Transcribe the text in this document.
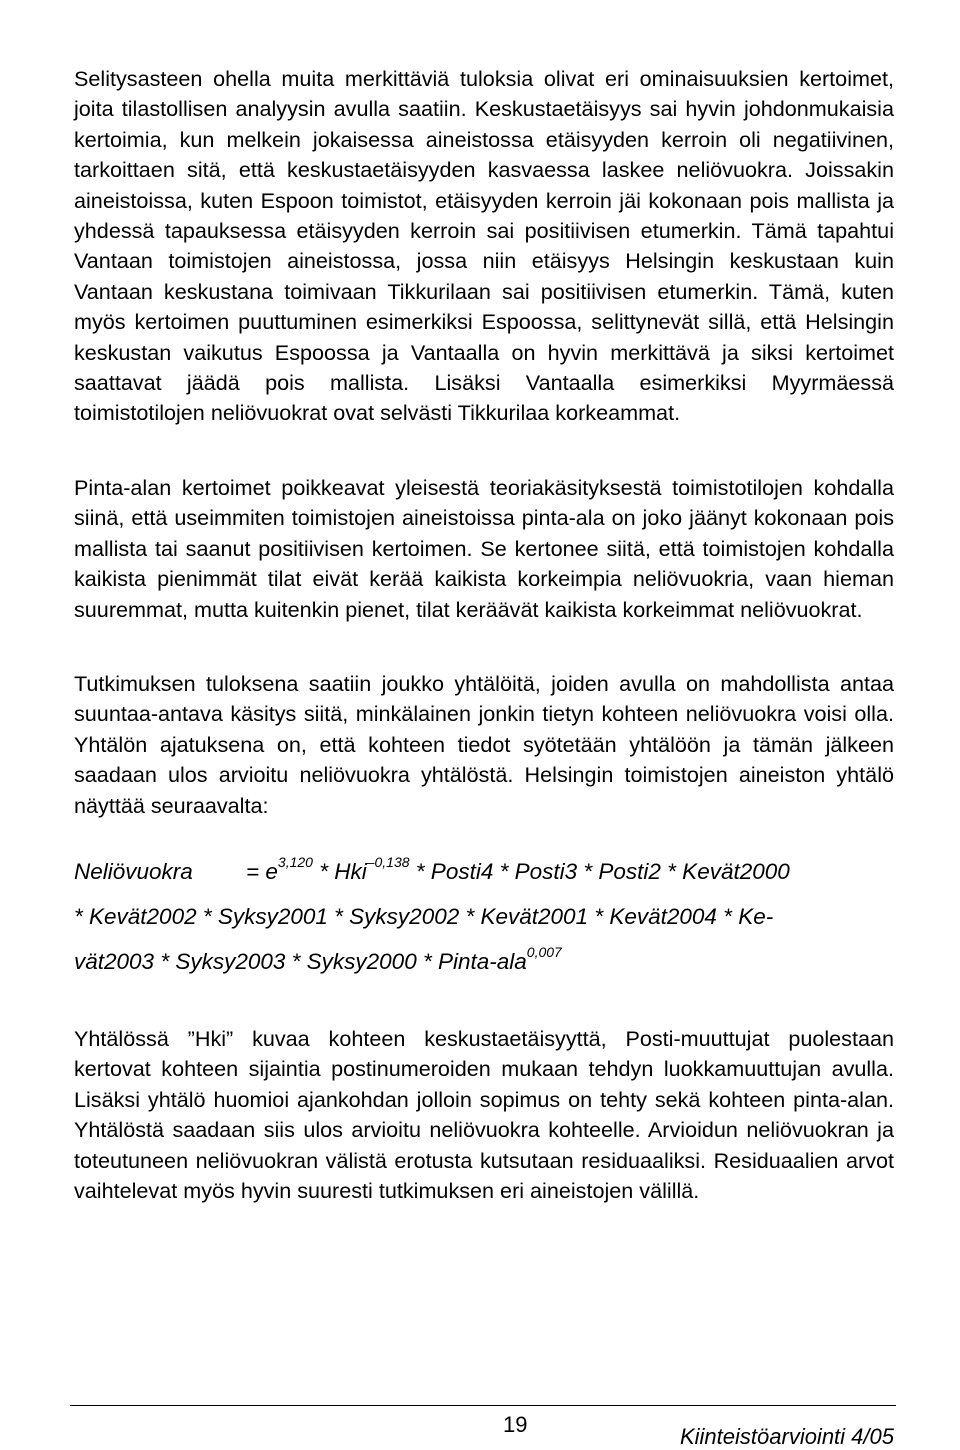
Selitysasteen ohella muita merkittäviä tuloksia olivat eri ominaisuuksien kertoimet, joita tilastollisen analyysin avulla saatiin. Keskustaetäisyys sai hyvin johdonmukaisia kertoimia, kun melkein jokaisessa aineistossa etäisyyden kerroin oli negatiivinen, tarkoittaen sitä, että keskustaetäisyyden kasvaessa laskee neliövuokra. Joissakin aineistoissa, kuten Espoon toimistot, etäisyyden kerroin jäi kokonaan pois mallista ja yhdessä tapauksessa etäisyyden kerroin sai positiivisen etumerkin. Tämä tapahtui Vantaan toimistojen aineistossa, jossa niin etäisyys Helsingin keskustaan kuin Vantaan keskustana toimivaan Tikkurilaan sai positiivisen etumerkin. Tämä, kuten myös kertoimen puuttuminen esimerkiksi Espoossa, selittynevät sillä, että Helsingin keskustan vaikutus Espoossa ja Vantaalla on hyvin merkittävä ja siksi kertoimet saattavat jäädä pois mallista. Lisäksi Vantaalla esimerkiksi Myyrmäessä toimistotilojen neliövuokrat ovat selvästi Tikkurilaa korkeammat.

Pinta-alan kertoimet poikkeavat yleisestä teoriakäsityksestä toimistotilojen kohdalla siinä, että useimmiten toimistojen aineistoissa pinta-ala on joko jäänyt kokonaan pois mallista tai saanut positiivisen kertoimen. Se kertonee siitä, että toimistojen kohdalla kaikista pienimmät tilat eivät kerää kaikista korkeimpia neliövuokria, vaan hieman suuremmat, mutta kuitenkin pienet, tilat keräävät kaikista korkeimmat neliövuokrat.

Tutkimuksen tuloksena saatiin joukko yhtälöitä, joiden avulla on mahdollista antaa suuntaa-antava käsitys siitä, minkälainen jonkin tietyn kohteen neliövuokra voisi olla. Yhtälön ajatuksena on, että kohteen tiedot syötetään yhtälöön ja tämän jälkeen saadaan ulos arvioitu neliövuokra yhtälöstä. Helsingin toimistojen aineiston yhtälö näyttää seuraavalta:

Neliövuokra = $e^{3,120} * Hki^{-0,138}$ * Posti4 * Posti3 * Posti2 * Kevät2000
* Kevät2002 * Syksy2001 * Syksy2002 * Kevät2001 * Kevät2004 * Ke-
vät2003 * Syksy2003 * Syksy2000 * Pinta-ala$^{0,007}$

Yhtälössä ”Hki” kuvaa kohteen keskustaetäisyyttä, Posti-muuttujat puolestaan kertovat kohteen sijaintia postinumeroiden mukaan tehdyn luokkamuuttujan avulla. Lisäksi yhtälö huomioi ajankohdan jolloin sopimus on tehty sekä kohteen pinta-alan. Yhtälöstä saadaan siis ulos arvioitu neliövuokra kohteelle. Arvioidun neliövuokran ja toteutuneen neliövuokran välistä erotusta kutsutaan residuaaliksi. Residuaalien arvot vaihtelevat myös hyvin suuresti tutkimuksen eri aineistojen välillä.

19	Kiinteistöarviointi 4/05
